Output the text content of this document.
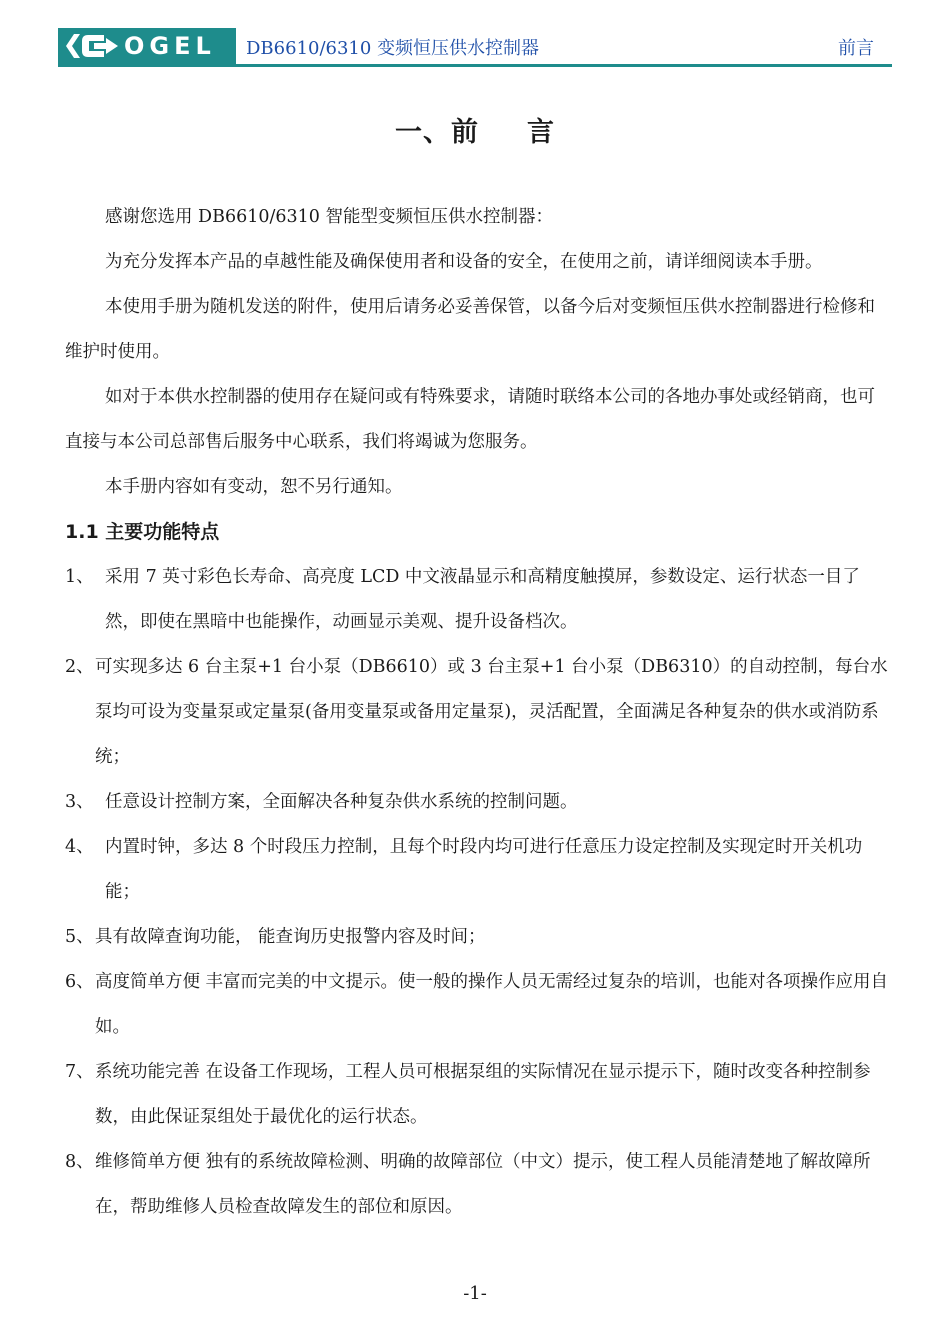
OGEL DB6610/6310 变频恒压供水控制器	前言
一、前 言

感谢您选用 DB6610/6310 智能型变频恒压供水控制器：

为充分发挥本产品的卓越性能及确保使用者和设备的安全，在使用之前，请详细阅读本手册。

本使用手册为随机发送的附件，使用后请务必妥善保管，以备今后对变频恒压供水控制器进行检修和维护时使用。

如对于本供水控制器的使用存在疑问或有特殊要求，请随时联络本公司的各地办事处或经销商，也可直接与本公司总部售后服务中心联系，我们将竭诚为您服务。

本手册内容如有变动，恕不另行通知。

1.1 主要功能特点

1、 采用 7 英寸彩色长寿命、高亮度 LCD 中文液晶显示和高精度触摸屏，参数设定、运行状态一目了然，即使在黑暗中也能操作，动画显示美观、提升设备档次。
2、 可实现多达 6 台主泵+1 台小泵（DB6610）或 3 台主泵+1 台小泵（DB6310）的自动控制，每台水泵均可设为变量泵或定量泵(备用变量泵或备用定量泵)，灵活配置，全面满足各种复杂的供水或消防系统；
3、 任意设计控制方案，全面解决各种复杂供水系统的控制问题。
4、 内置时钟，多达 8 个时段压力控制，且每个时段内均可进行任意压力设定控制及实现定时开关机功能；
5、 具有故障查询功能， 能查询历史报警内容及时间；
6、 高度简单方便 丰富而完美的中文提示。使一般的操作人员无需经过复杂的培训，也能对各项操作应用自如。
7、 系统功能完善 在设备工作现场，工程人员可根据泵组的实际情况在显示提示下，随时改变各种控制参数，由此保证泵组处于最优化的运行状态。
8、 维修简单方便 独有的系统故障检测、明确的故障部位（中文）提示，使工程人员能清楚地了解故障所在，帮助维修人员检查故障发生的部位和原因。
-1-
